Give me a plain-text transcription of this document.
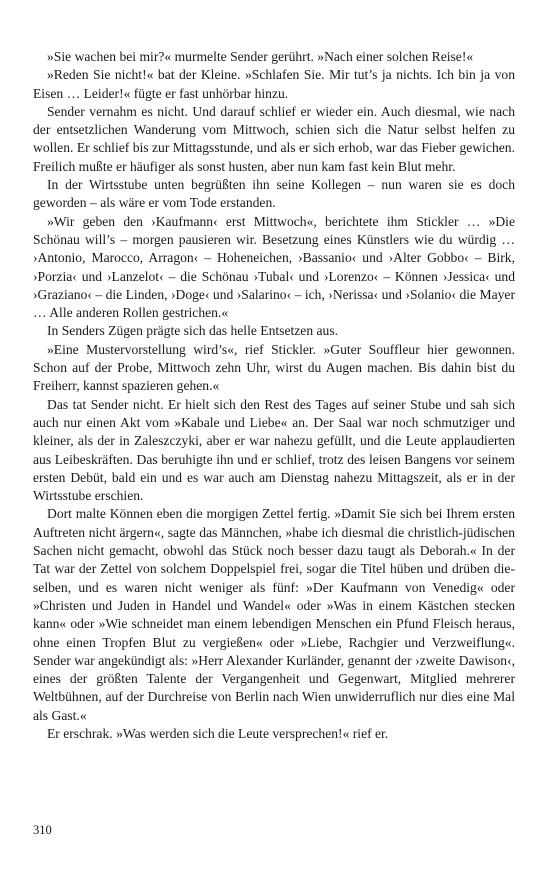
»Sie wachen bei mir?« murmelte Sender gerührt. »Nach einer solchen Reise!«

»Reden Sie nicht!« bat der Kleine. »Schlafen Sie. Mir tut’s ja nichts. Ich bin ja von Eisen … Leider!« fügte er fast unhörbar hinzu.

Sender vernahm es nicht. Und darauf schlief er wieder ein. Auch diesmal, wie nach der entsetzlichen Wanderung vom Mittwoch, schien sich die Natur selbst helfen zu wollen. Er schlief bis zur Mittagsstunde, und als er sich erhob, war das Fieber gewichen. Freilich mußte er häufiger als sonst husten, aber nun kam fast kein Blut mehr.

In der Wirtsstube unten begrüßten ihn seine Kollegen – nun waren sie es doch geworden – als wäre er vom Tode erstanden.

»Wir geben den ›Kaufmann‹ erst Mittwoch«, berichtete ihm Stickler … »Die Schönau will’s – morgen pausieren wir. Besetzung eines Künstlers wie du würdig … ›Antonio, Marocco, Arragon‹ – Hoheneichen, ›Bassanio‹ und ›Alter Gobbo‹ – Birk, ›Porzia‹ und ›Lanzelot‹ – die Schönau ›Tubal‹ und ›Lorenzo‹ – Können ›Jessica‹ und ›Graziano‹ – die Linden, ›Doge‹ und ›Salarino‹ – ich, ›Nerissa‹ und ›Solanio‹ die Mayer … Alle anderen Rollen gestrichen.«

In Senders Zügen prägte sich das helle Entsetzen aus.

»Eine Mustervorstellung wird’s«, rief Stickler. »Guter Souffleur hier gewonnen. Schon auf der Probe, Mittwoch zehn Uhr, wirst du Augen machen. Bis dahin bist du Freiherr, kannst spazieren gehen.«

Das tat Sender nicht. Er hielt sich den Rest des Tages auf seiner Stube und sah sich auch nur einen Akt vom »Kabale und Liebe« an. Der Saal war noch schmutziger und kleiner, als der in Zaleszczyki, aber er war nahezu gefüllt, und die Leute applaudierten aus Leibeskräften. Das beruhigte ihn und er schlief, trotz des leisen Bangens vor seinem ersten Debüt, bald ein und es war auch am Dienstag nahezu Mittagszeit, als er in der Wirtsstube erschien.

Dort malte Können eben die morgigen Zettel fertig. »Damit Sie sich bei Ihrem ersten Auftreten nicht ärgern«, sagte das Männchen, »habe ich diesmal die christlich-jüdischen Sachen nicht gemacht, obwohl das Stück noch besser dazu taugt als Deborah.« In der Tat war der Zettel von solchem Doppelspiel frei, sogar die Titel hüben und drüben dieselben, und es waren nicht weniger als fünf: »Der Kaufmann von Venedig« oder »Christen und Juden in Handel und Wandel« oder »Was in einem Kästchen stecken kann« oder »Wie schneidet man einem lebendigen Menschen ein Pfund Fleisch heraus, ohne einen Tropfen Blut zu vergießen« oder »Liebe, Rachgier und Verzweiflung«. Sender war angekündigt als: »Herr Alexander Kurländer, genannt der ›zweite Dawison‹, eines der größten Talente der Vergangenheit und Gegenwart, Mitglied mehrerer Weltbühnen, auf der Durchreise von Berlin nach Wien unwiderruflich nur dies eine Mal als Gast.«

Er erschrak. »Was werden sich die Leute versprechen!« rief er.

310
